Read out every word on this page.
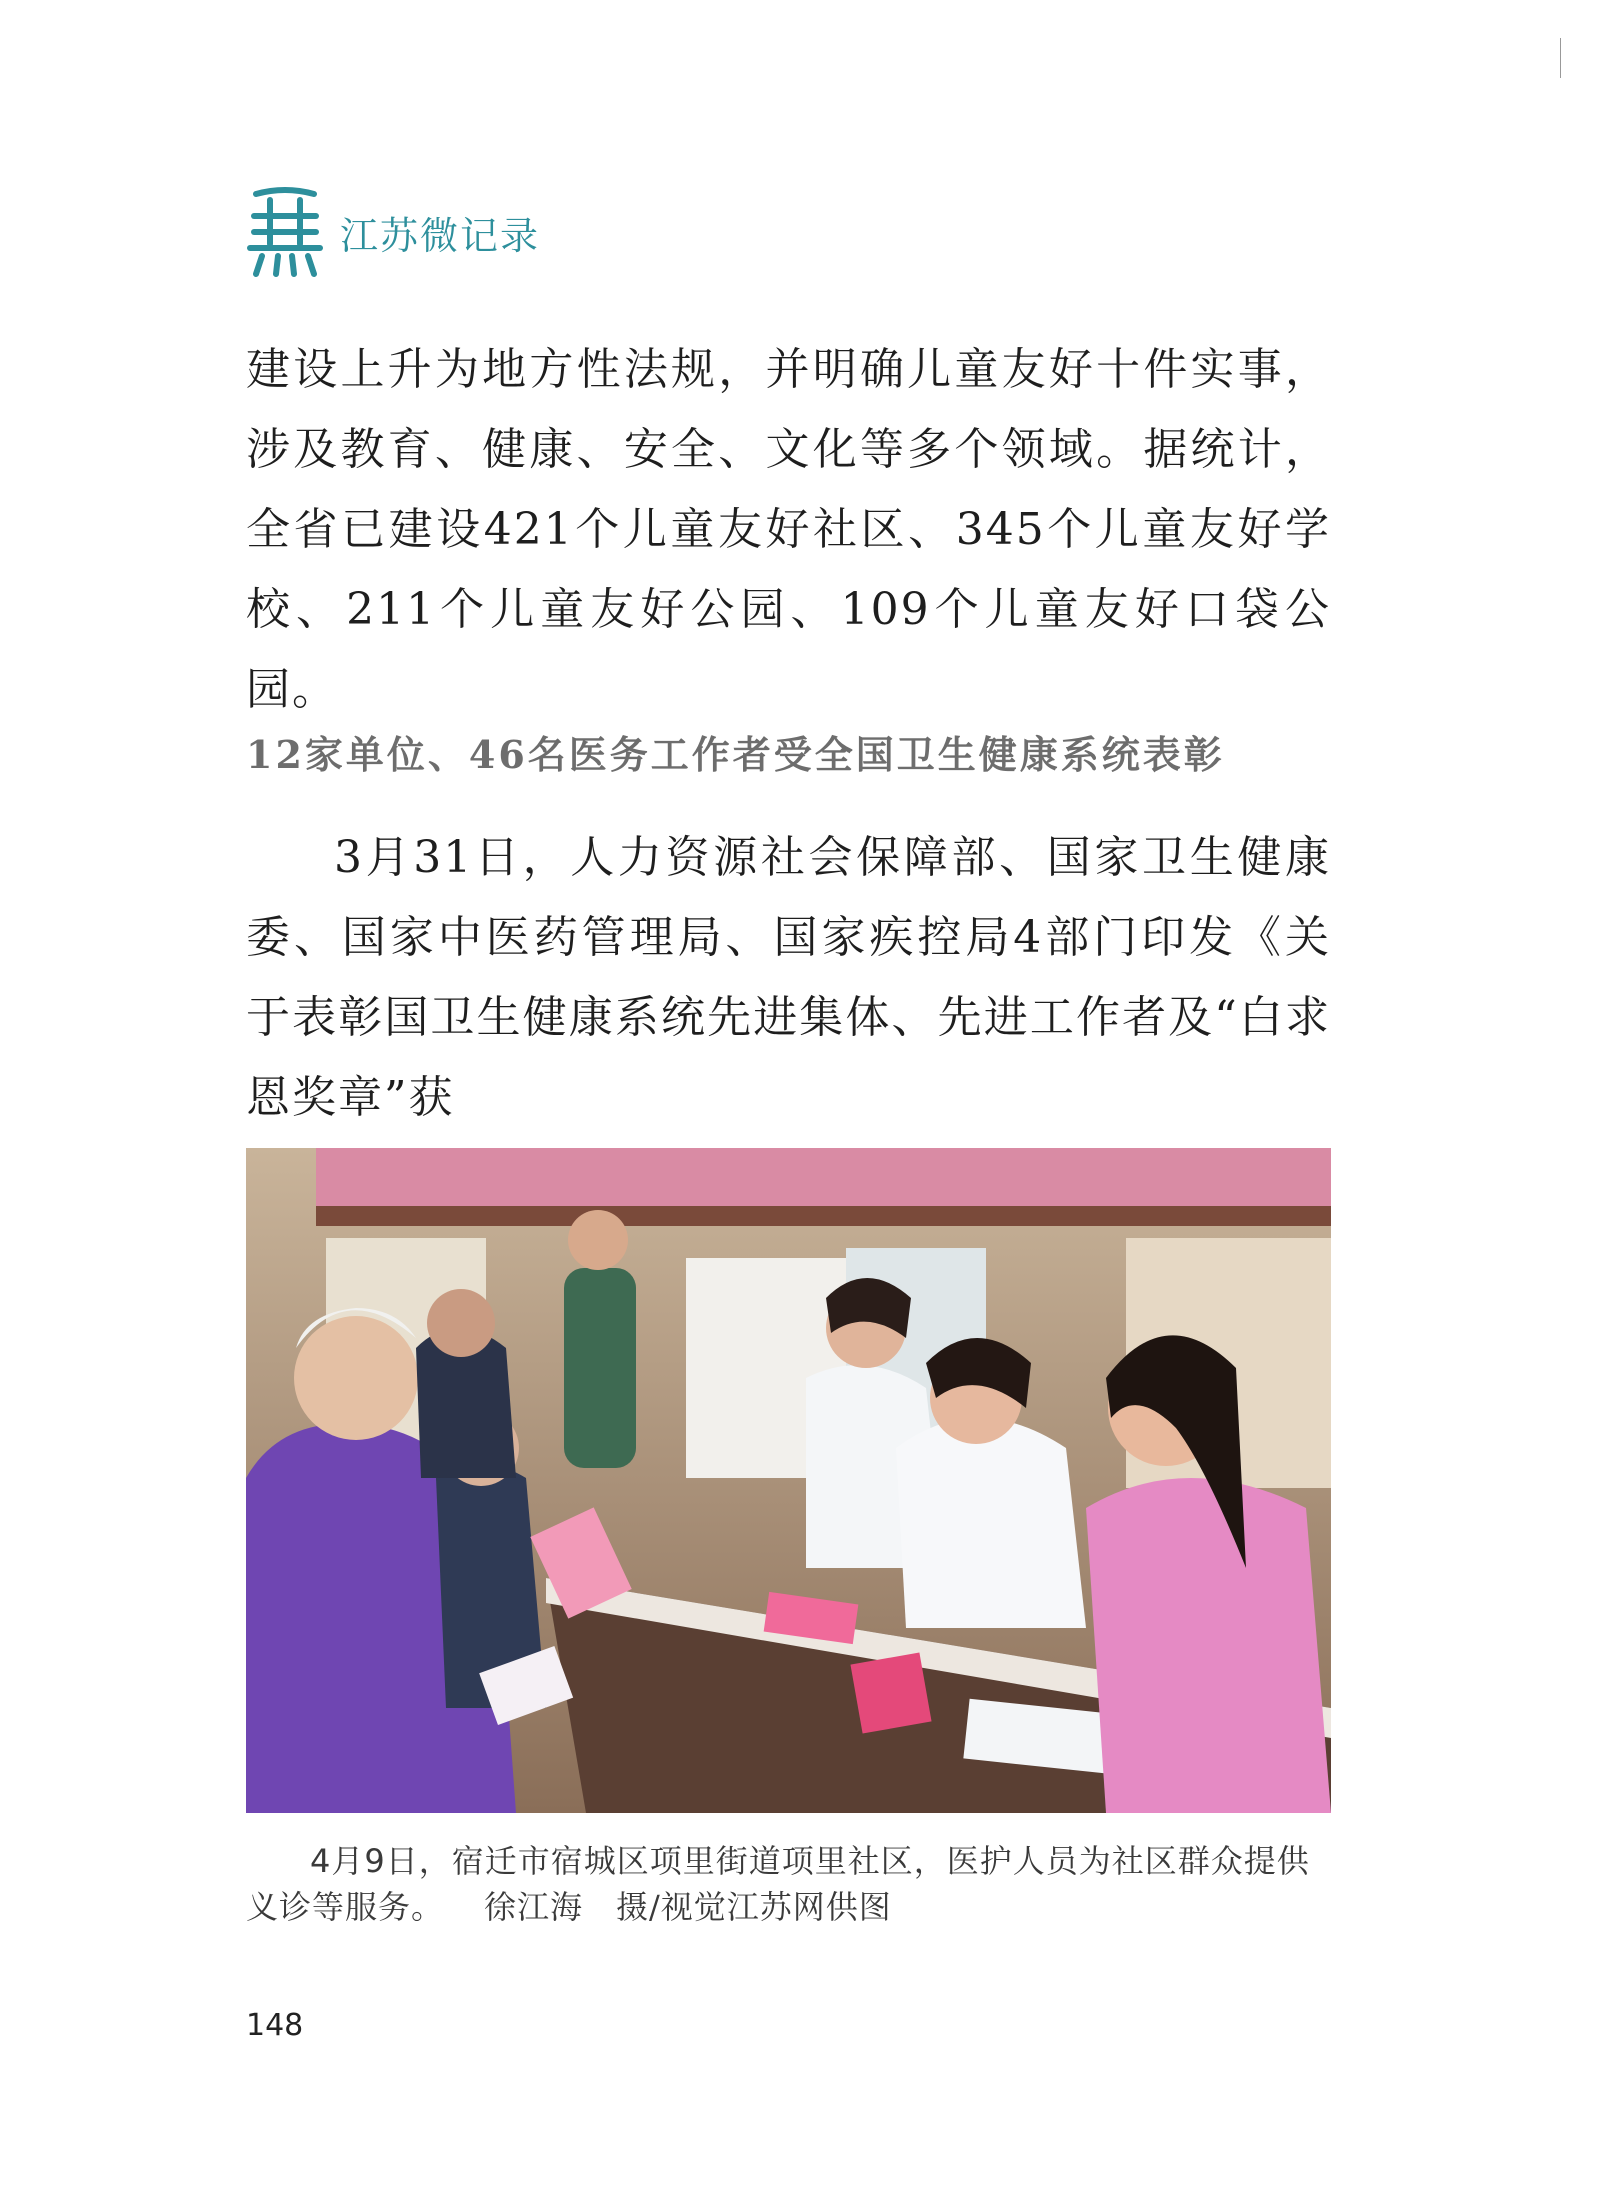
江苏微记录

建设上升为地方性法规，并明确儿童友好十件实事，涉及教育、健康、安全、文化等多个领域。据统计，全省已建设421个儿童友好社区、345个儿童友好学校、211个儿童友好公园、109个儿童友好口袋公园。

12家单位、46名医务工作者受全国卫生健康系统表彰

3月31日，人力资源社会保障部、国家卫生健康委、国家中医药管理局、国家疾控局4部门印发《关于表彰国卫生健康系统先进集体、先进工作者及“白求恩奖章”获

4月9日，宿迁市宿城区项里街道项里社区，医护人员为社区群众提供义诊等服务。 徐江海　摄/视觉江苏网供图

148
